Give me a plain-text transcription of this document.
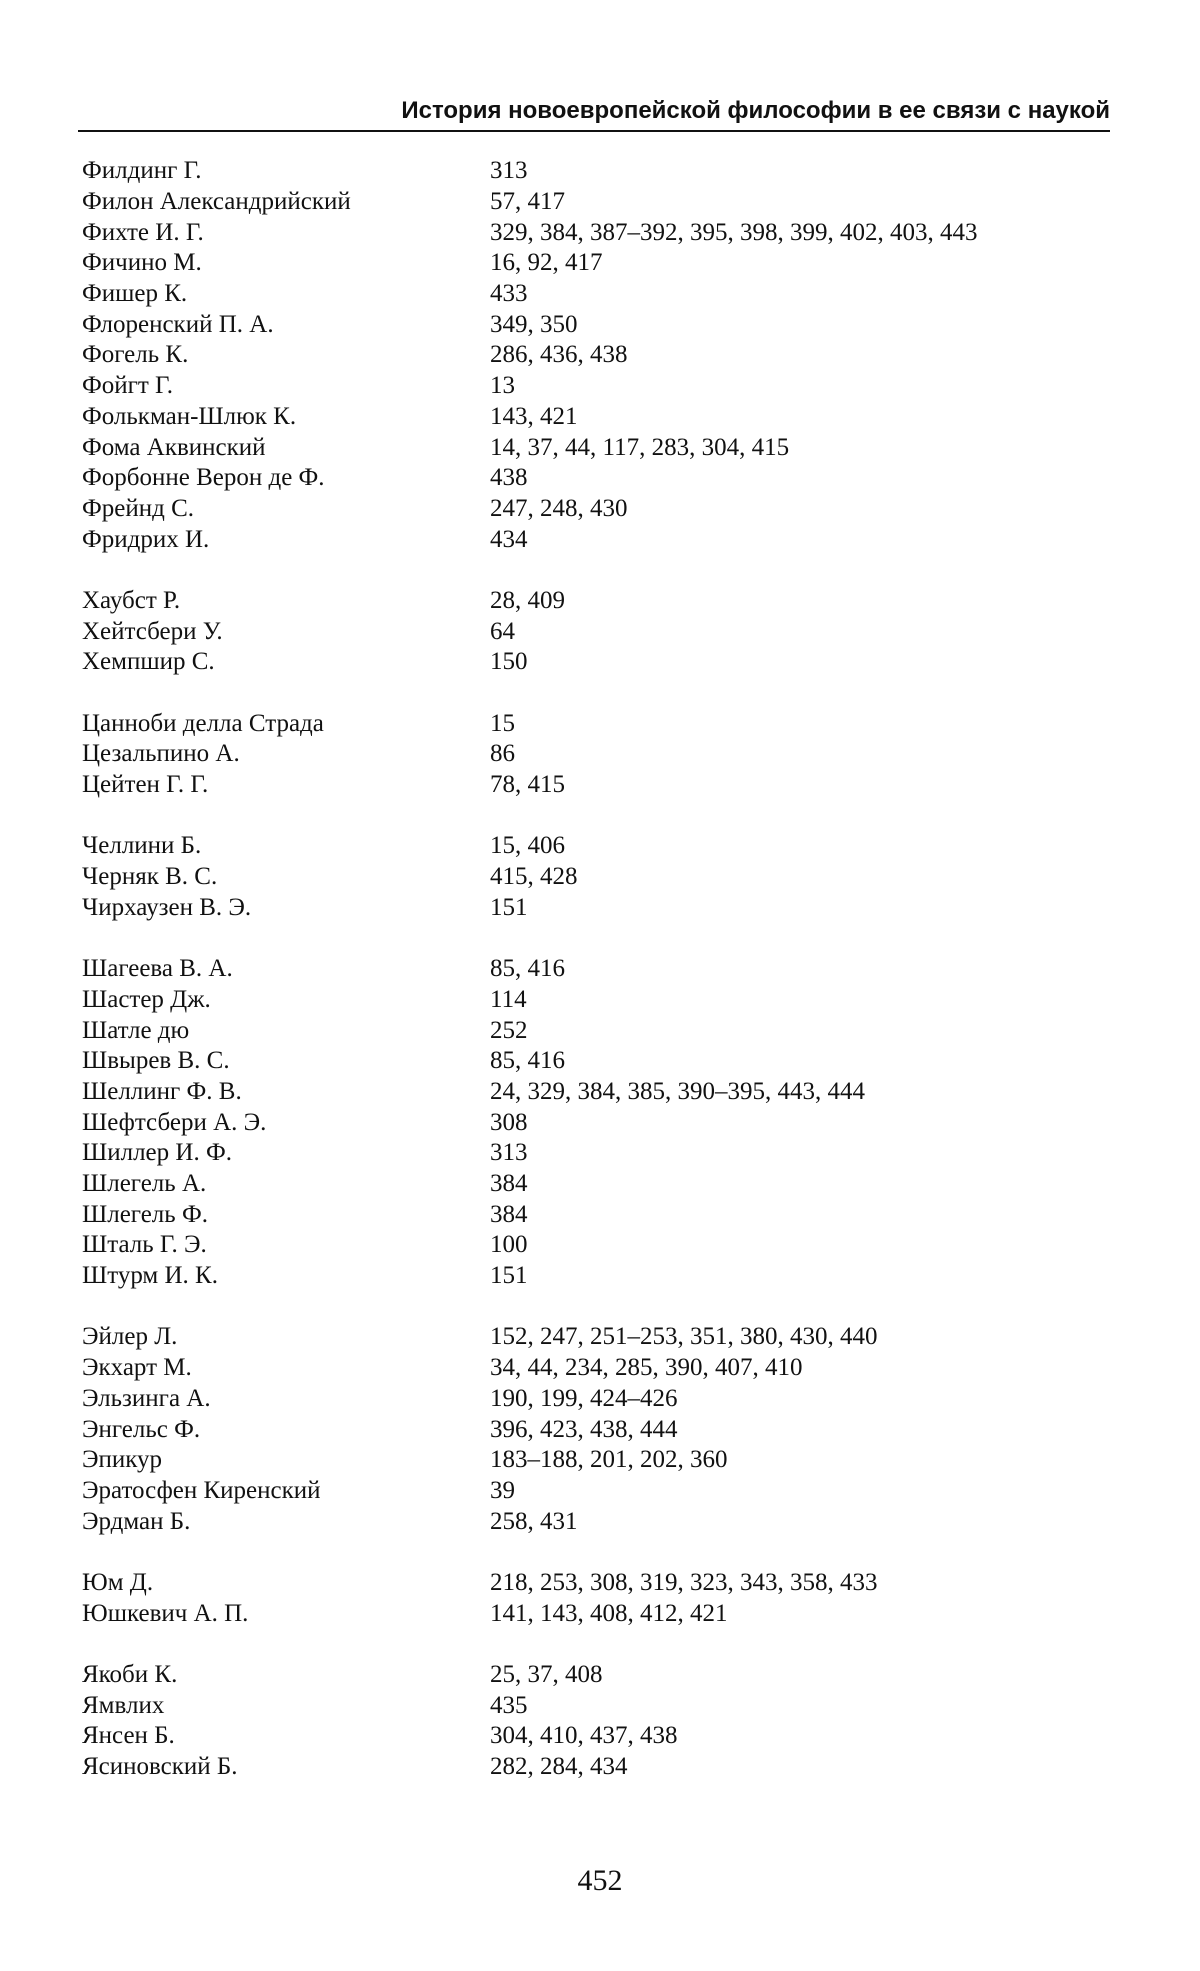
История новоевропейской философии в ее связи с наукой
Филдинг Г.	313
Филон Александрийский	57, 417
Фихте И. Г.	329, 384, 387–392, 395, 398, 399, 402, 403, 443
Фичино М.	16, 92, 417
Фишер К.	433
Флоренский П. А.	349, 350
Фогель К.	286, 436, 438
Фойгт Г.	13
Фолькман-Шлюк К.	143, 421
Фома Аквинский	14, 37, 44, 117, 283, 304, 415
Форбонне Верон де Ф.	438
Фрейнд С.	247, 248, 430
Фридрих И.	434
Хаубст Р.	28, 409
Хейтсбери У.	64
Хемпшир С.	150
Цанноби делла Страда	15
Цезальпино А.	86
Цейтен Г. Г.	78, 415
Челлини Б.	15, 406
Черняк В. С.	415, 428
Чирхаузен В. Э.	151
Шагеева В. А.	85, 416
Шастер Дж.	114
Шатле дю	252
Швырев В. С.	85, 416
Шеллинг Ф. В.	24, 329, 384, 385, 390–395, 443, 444
Шефтсбери А. Э.	308
Шиллер И. Ф.	313
Шлегель А.	384
Шлегель Ф.	384
Шталь Г. Э.	100
Штурм И. К.	151
Эйлер Л.	152, 247, 251–253, 351, 380, 430, 440
Экхарт М.	34, 44, 234, 285, 390, 407, 410
Эльзинга А.	190, 199, 424–426
Энгельс Ф.	396, 423, 438, 444
Эпикур	183–188, 201, 202, 360
Эратосфен Киренский	39
Эрдман Б.	258, 431
Юм Д.	218, 253, 308, 319, 323, 343, 358, 433
Юшкевич А. П.	141, 143, 408, 412, 421
Якоби К.	25, 37, 408
Ямвлих	435
Янсен Б.	304, 410, 437, 438
Ясиновский Б.	282, 284, 434
452
